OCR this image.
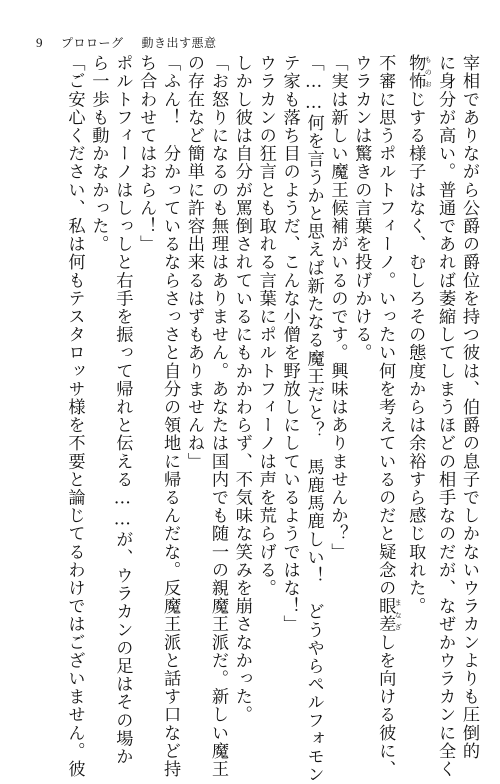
9 プロローグ 動き出す悪意
宰相でありながら公爵の爵位を持つ彼は、伯爵の息子でしかないウラカンよりも圧倒的
に身分が高い。普通であれば萎縮してしまうほどの相手なのだが、なぜかウラカンに全く
物怖 ものおじする様子はなく、むしろその態度からは余裕すら感じ取れた。
不審に思うポルトフィーノ。いったい何を考えているのだと疑念の眼差 まなざしを向ける彼に、
ウラカンは驚きの言葉を投げかける。
「実は新しい魔王候補がいるのです。興味はありませんか？」
「……何を言うかと思えば新たなる魔王だと？　馬鹿馬鹿しい！　どうやらペルフォモン
テ家も落ち目のようだ、こんな小僧を野放しにしているようではな！」
ウラカンの狂言とも取れる言葉にポルトフィーノは声を荒らげる。
しかし彼は自分が罵倒されているにもかかわらず、不気味な笑みを崩さなかった。
「お怒りになるのも無理はありません。あなたは国内でも随一の親魔王派だ。新しい魔王
の存在など簡単に許容出来るはずもありませんね」
「ふん！　分かっているならさっさと自分の領地に帰るんだな。反魔王派と話す口など持
ち合わせてはおらん！」
ポルトフィーノはしっしと右手を振って帰れと伝える……が、ウラカンの足はその場か
ら一歩も動かなかった。
「ご安心ください、私は何もテスタロッサ様を不要と論じてるわけではございません。彼
